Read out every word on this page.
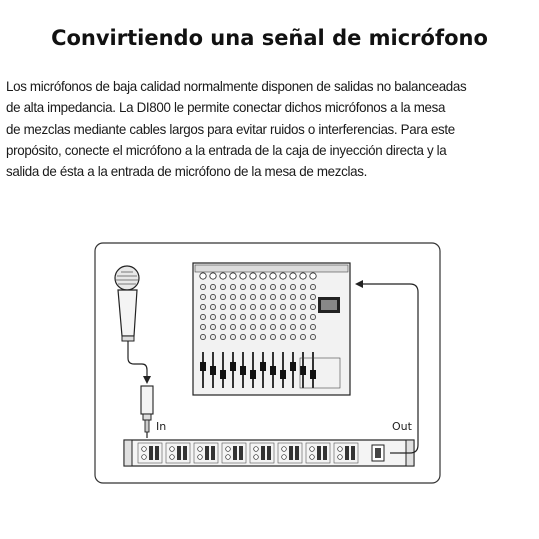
Convirtiendo una señal de micrófono
Los micrófonos de baja calidad normalmente disponen de salidas no balanceadas
de alta impedancia. La DI800 le permite conectar dichos micrófonos a la mesa
de mezclas mediante cables largos para evitar ruidos o interferencias. Para este
propósito, conecte el micrófono a la entrada de la caja de inyección directa y la
salida de ésta a la entrada de micrófono de la mesa de mezclas.
In	Out
